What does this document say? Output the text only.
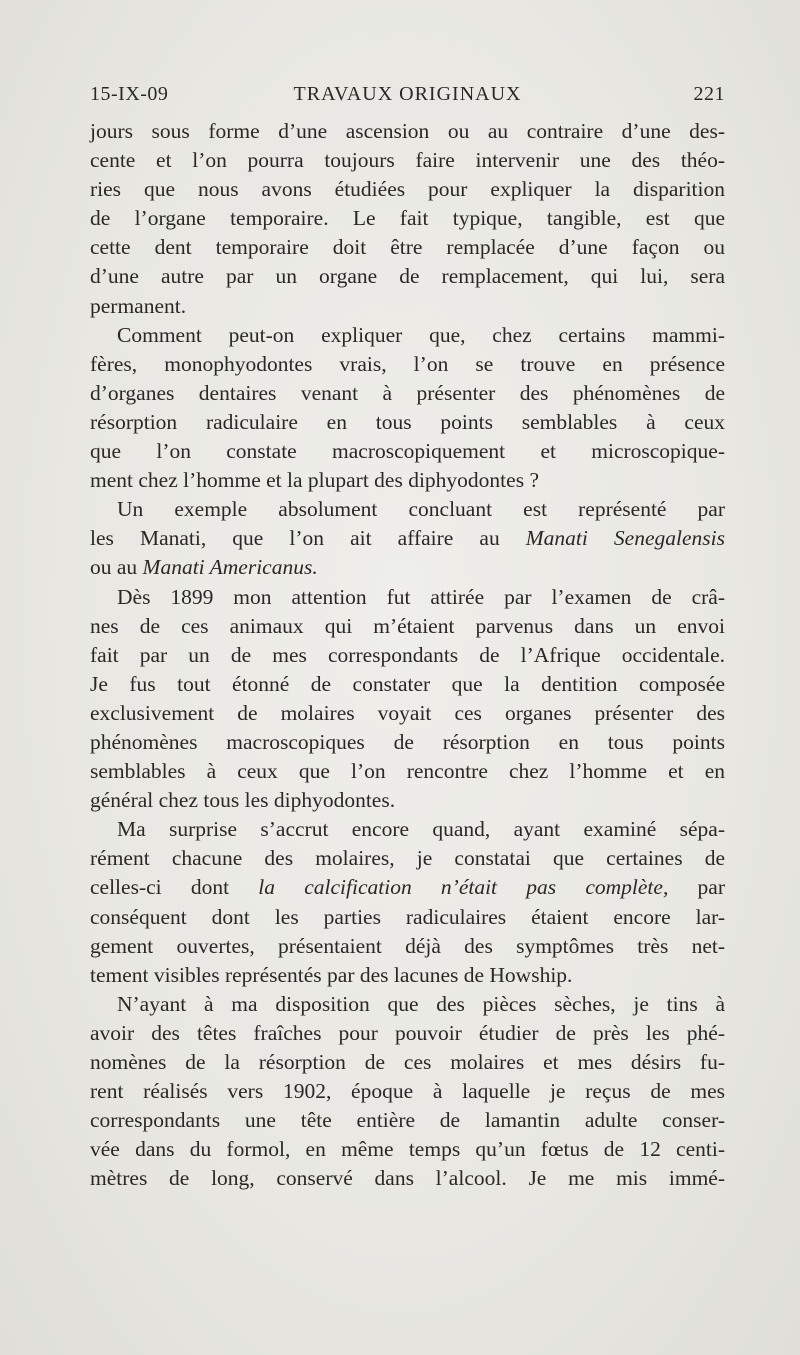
15-IX-09	TRAVAUX ORIGINAUX	221
jours sous forme d’une ascension ou au contraire d’une des-
cente et l’on pourra toujours faire intervenir une des théo-
ries que nous avons étudiées pour expliquer la disparition
de l’organe temporaire. Le fait typique, tangible, est que
cette dent temporaire doit être remplacée d’une façon ou
d’une autre par un organe de remplacement, qui lui, sera
permanent.
Comment peut-on expliquer que, chez certains mammi-
fères, monophyodontes vrais, l’on se trouve en présence
d’organes dentaires venant à présenter des phénomènes de
résorption radiculaire en tous points semblables à ceux
que l’on constate macroscopiquement et microscopique-
ment chez l’homme et la plupart des diphyodontes ?
Un exemple absolument concluant est représenté par
les Manati, que l’on ait affaire au Manati Senegalensis
ou au Manati Americanus.
Dès 1899 mon attention fut attirée par l’examen de crâ-
nes de ces animaux qui m’étaient parvenus dans un envoi
fait par un de mes correspondants de l’Afrique occidentale.
Je fus tout étonné de constater que la dentition composée
exclusivement de molaires voyait ces organes présenter des
phénomènes macroscopiques de résorption en tous points
semblables à ceux que l’on rencontre chez l’homme et en
général chez tous les diphyodontes.
Ma surprise s’accrut encore quand, ayant examiné sépa-
rément chacune des molaires, je constatai que certaines de
celles-ci dont la calcification n’était pas complète, par
conséquent dont les parties radiculaires étaient encore lar-
gement ouvertes, présentaient déjà des symptômes très net-
tement visibles représentés par des lacunes de Howship.
N’ayant à ma disposition que des pièces sèches, je tins à
avoir des têtes fraîches pour pouvoir étudier de près les phé-
nomènes de la résorption de ces molaires et mes désirs fu-
rent réalisés vers 1902, époque à laquelle je reçus de mes
correspondants une tête entière de lamantin adulte conser-
vée dans du formol, en même temps qu’un fœtus de 12 centi-
mètres de long, conservé dans l’alcool. Je me mis immé-
